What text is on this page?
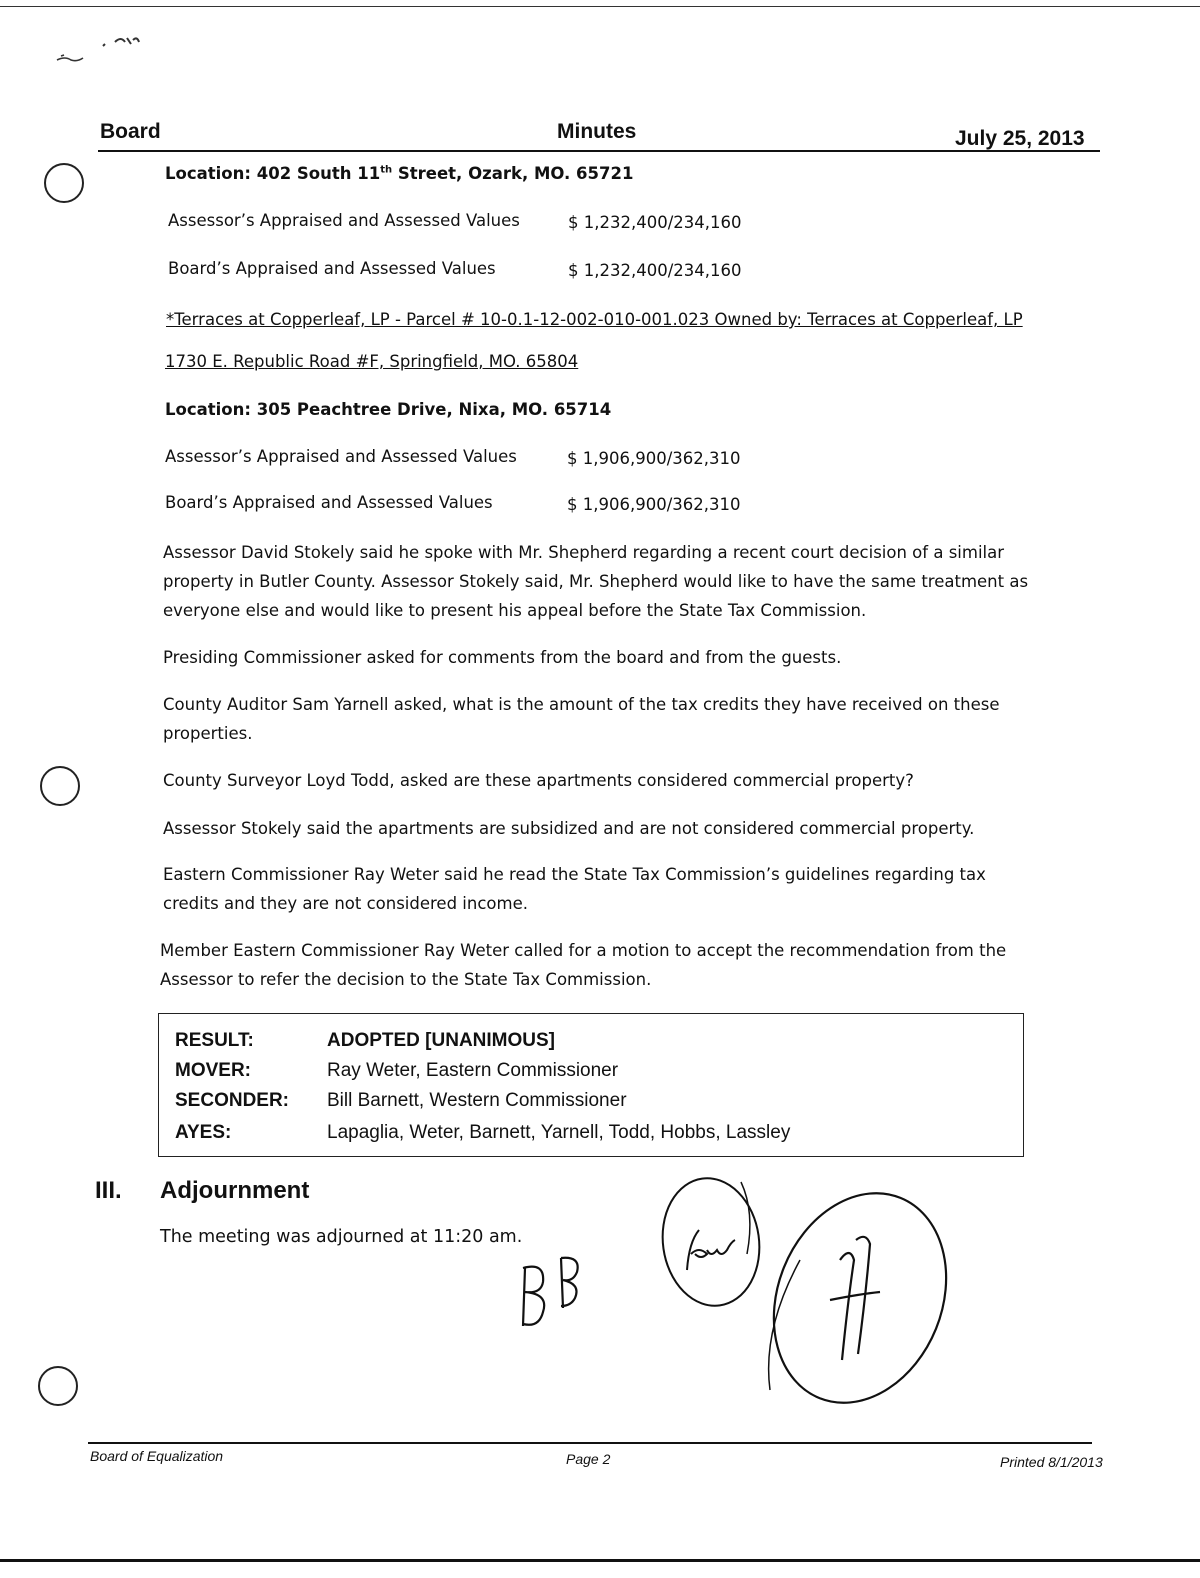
Board	Minutes	July 25, 2013
Location: 402 South 11th Street, Ozark, MO. 65721
Assessor’s Appraised and Assessed Values	$ 1,232,400/234,160
Board’s Appraised and Assessed Values	$ 1,232,400/234,160
*Terraces at Copperleaf, LP - Parcel # 10-0.1-12-002-010-001.023 Owned by: Terraces at Copperleaf, LP
1730 E. Republic Road #F, Springfield, MO. 65804
Location: 305 Peachtree Drive, Nixa, MO. 65714
Assessor’s Appraised and Assessed Values	$ 1,906,900/362,310
Board’s Appraised and Assessed Values	$ 1,906,900/362,310
Assessor David Stokely said he spoke with Mr. Shepherd regarding a recent court decision of a similar property in Butler County. Assessor Stokely said, Mr. Shepherd would like to have the same treatment as everyone else and would like to present his appeal before the State Tax Commission.
Presiding Commissioner asked for comments from the board and from the guests.
County Auditor Sam Yarnell asked, what is the amount of the tax credits they have received on these properties.
County Surveyor Loyd Todd, asked are these apartments considered commercial property?
Assessor Stokely said the apartments are subsidized and are not considered commercial property.
Eastern Commissioner Ray Weter said he read the State Tax Commission’s guidelines regarding tax credits and they are not considered income.
Member Eastern Commissioner Ray Weter called for a motion to accept the recommendation from the Assessor to refer the decision to the State Tax Commission.
RESULT:	ADOPTED [UNANIMOUS]
MOVER:	Ray Weter, Eastern Commissioner
SECONDER: Bill Barnett, Western Commissioner
AYES:	Lapaglia, Weter, Barnett, Yarnell, Todd, Hobbs, Lassley
III. Adjournment
The meeting was adjourned at 11:20 am.
Board of Equalization	Page 2	Printed 8/1/2013
